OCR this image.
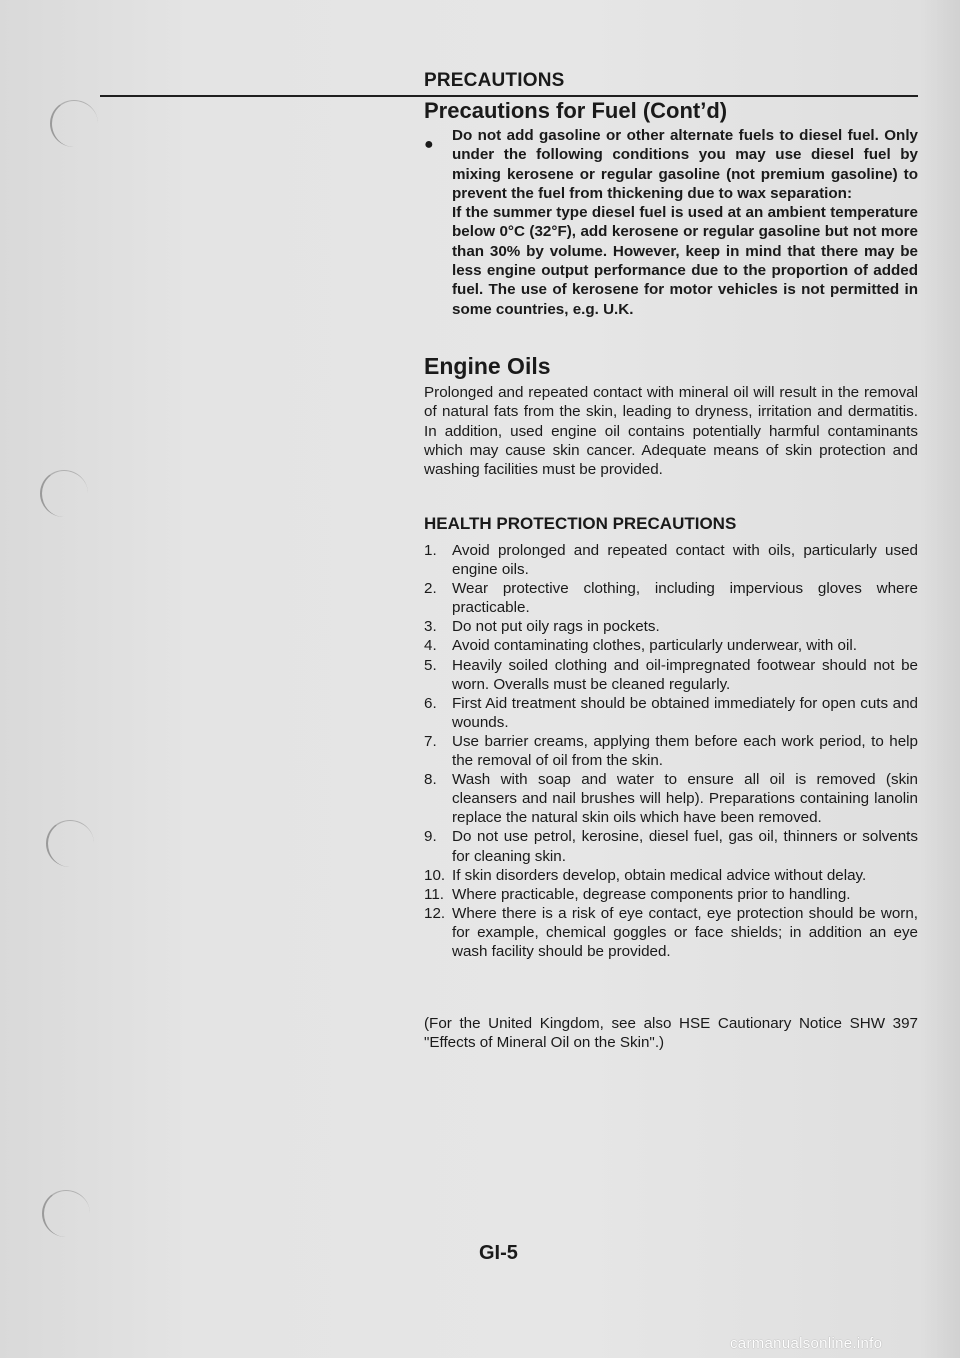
PRECAUTIONS
Precautions for Fuel (Cont’d)
●

Do not add gasoline or other alternate fuels to diesel fuel. Only under the following conditions you may use diesel fuel by mixing kerosene or regular gasoline (not premium gasoline) to prevent the fuel from thickening due to wax separation:

If the summer type diesel fuel is used at an ambient temperature below 0°C (32°F), add kerosene or regular gasoline but not more than 30% by volume. However, keep in mind that there may be less engine output performance due to the proportion of added fuel. The use of kerosene for motor vehicles is not permitted in some countries, e.g. U.K.

Engine Oils

Prolonged and repeated contact with mineral oil will result in the removal of natural fats from the skin, leading to dryness, irritation and dermatitis. In addition, used engine oil contains potentially harmful contaminants which may cause skin cancer. Adequate means of skin protection and washing facilities must be provided.

HEALTH PROTECTION PRECAUTIONS
1.	Avoid prolonged and repeated contact with oils, particularly used engine oils.
2.	Wear protective clothing, including impervious gloves where practicable.
3.	Do not put oily rags in pockets.
4.	Avoid contaminating clothes, particularly underwear, with oil.
5.	Heavily soiled clothing and oil-impregnated footwear should not be worn. Overalls must be cleaned regularly.
6.	First Aid treatment should be obtained immediately for open cuts and wounds.
7.	Use barrier creams, applying them before each work period, to help the removal of oil from the skin.
8.	Wash with soap and water to ensure all oil is removed (skin cleansers and nail brushes will help). Preparations containing lanolin replace the natural skin oils which have been removed.
9.	Do not use petrol, kerosine, diesel fuel, gas oil, thinners or solvents for cleaning skin.
10. If skin disorders develop, obtain medical advice without delay.
11. Where practicable, degrease components prior to handling.
12. Where there is a risk of eye contact, eye protection should be worn, for example, chemical goggles or face shields; in addition an eye wash facility should be provided.

(For the United Kingdom, see also HSE Cautionary Notice SHW 397 "Effects of Mineral Oil on the Skin".)

GI-5
carmanualsonline.info
